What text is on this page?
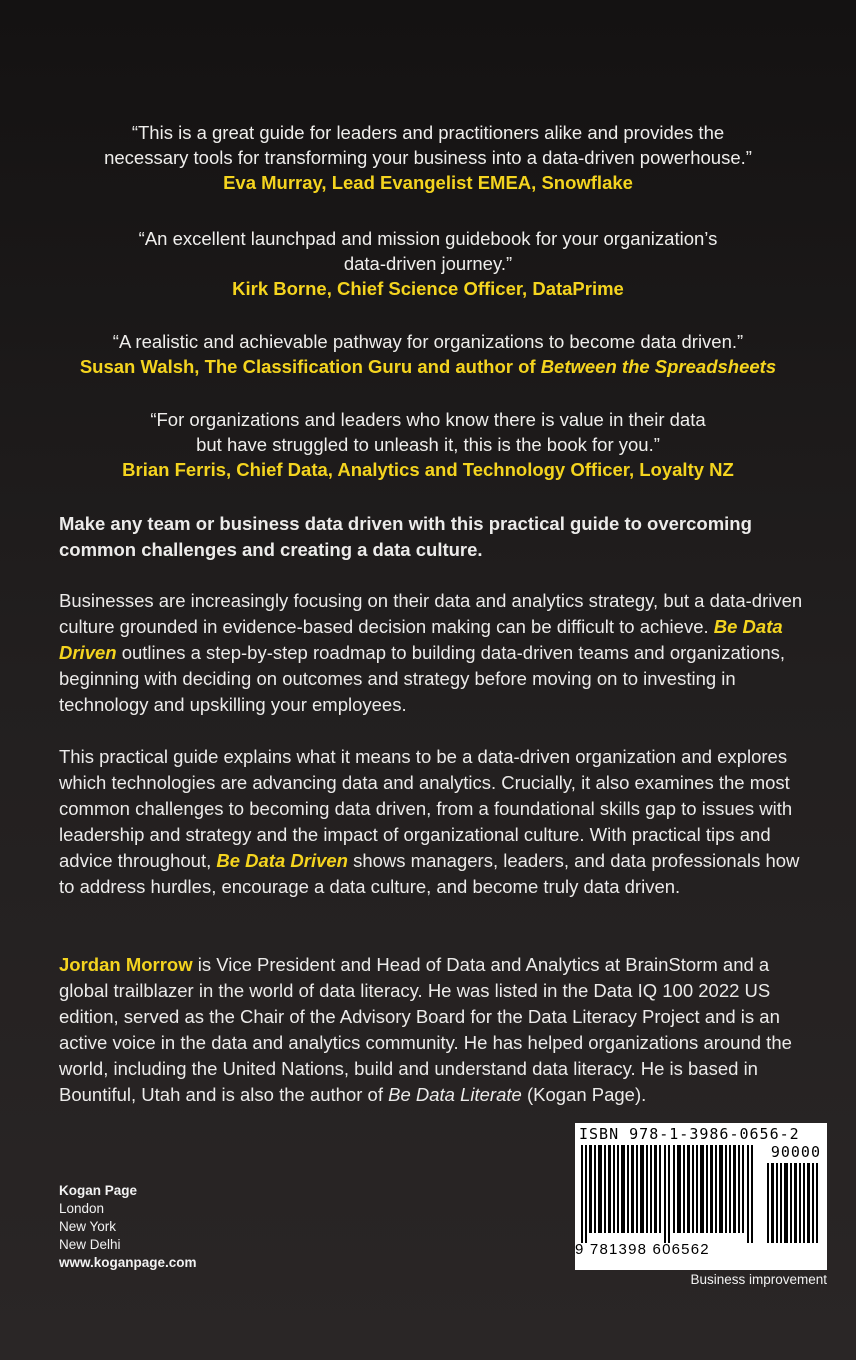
“This is a great guide for leaders and practitioners alike and provides the
necessary tools for transforming your business into a data-driven powerhouse.”
Eva Murray, Lead Evangelist EMEA, Snowflake
“An excellent launchpad and mission guidebook for your organization’s
data-driven journey.”
Kirk Borne, Chief Science Officer, DataPrime
“A realistic and achievable pathway for organizations to become data driven.”
Susan Walsh, The Classification Guru and author of Between the Spreadsheets
“For organizations and leaders who know there is value in their data
but have struggled to unleash it, this is the book for you.”
Brian Ferris, Chief Data, Analytics and Technology Officer, Loyalty NZ
Make any team or business data driven with this practical guide to overcoming common challenges and creating a data culture.
Businesses are increasingly focusing on their data and analytics strategy, but a data-driven culture grounded in evidence-based decision making can be difficult to achieve. Be Data Driven outlines a step-by-step roadmap to building data-driven teams and organizations, beginning with deciding on outcomes and strategy before moving on to investing in technology and upskilling your employees.
This practical guide explains what it means to be a data-driven organization and explores which technologies are advancing data and analytics. Crucially, it also examines the most common challenges to becoming data driven, from a foundational skills gap to issues with leadership and strategy and the impact of organizational culture. With practical tips and advice throughout, Be Data Driven shows managers, leaders, and data professionals how to address hurdles, encourage a data culture, and become truly data driven.
Jordan Morrow is Vice President and Head of Data and Analytics at BrainStorm and a global trailblazer in the world of data literacy. He was listed in the Data IQ 100 2022 US edition, served as the Chair of the Advisory Board for the Data Literacy Project and is an active voice in the data and analytics community. He has helped organizations around the world, including the United Nations, build and understand data literacy. He is based in Bountiful, Utah and is also the author of Be Data Literate (Kogan Page).
Kogan Page
London
New York
New Delhi
www.koganpage.com
ISBN 978-1-3986-0656-2
90000
9 781398 606562
Business improvement
